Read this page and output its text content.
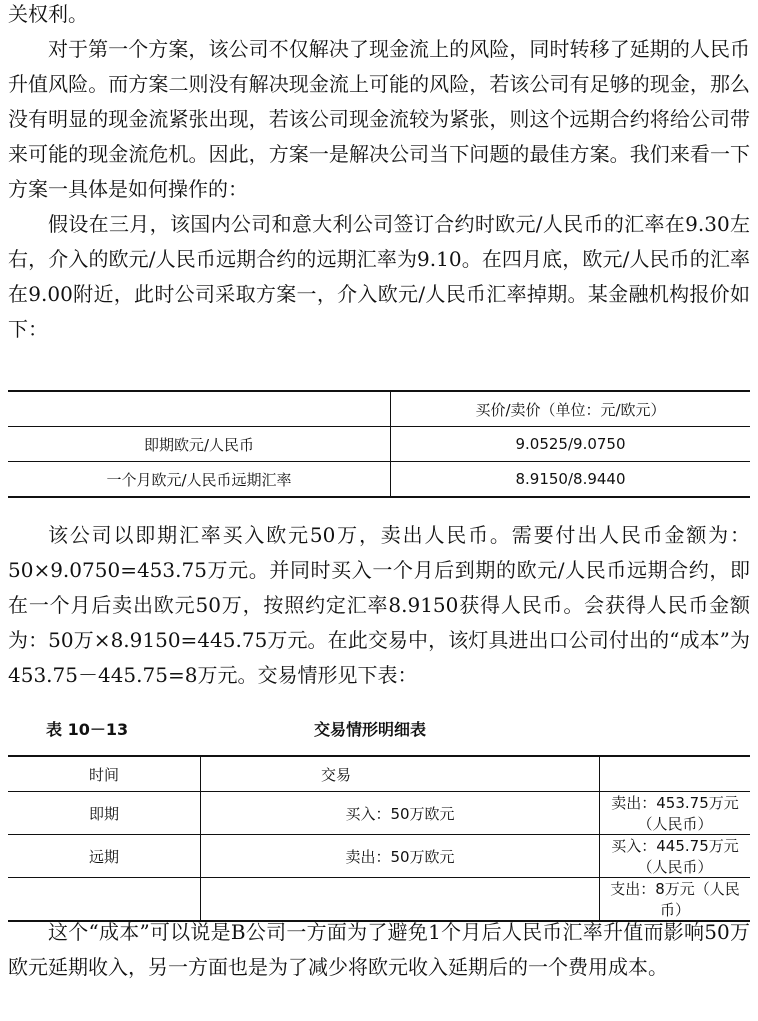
关权利。

对于第一个方案，该公司不仅解决了现金流上的风险，同时转移了延期的人民币升值风险。而方案二则没有解决现金流上可能的风险，若该公司有足够的现金，那么没有明显的现金流紧张出现，若该公司现金流较为紧张，则这个远期合约将给公司带来可能的现金流危机。因此，方案一是解决公司当下问题的最佳方案。我们来看一下方案一具体是如何操作的：

假设在三月，该国内公司和意大利公司签订合约时欧元/人民币的汇率在9.30左右，介入的欧元/人民币远期合约的远期汇率为9.10。在四月底，欧元/人民币的汇率在9.00附近，此时公司采取方案一，介入欧元/人民币汇率掉期。某金融机构报价如下：

	买价/卖价（单位：元/欧元）
即期欧元/人民币	9.0525/9.0750
一个月欧元/人民币远期汇率	8.9150/8.9440

该公司以即期汇率买入欧元50万，卖出人民币。需要付出人民币金额为：50×9.0750=453.75万元。并同时买入一个月后到期的欧元/人民币远期合约，即在一个月后卖出欧元50万，按照约定汇率8.9150获得人民币。会获得人民币金额为：50万×8.9150=445.75万元。在此交易中，该灯具进出口公司付出的“成本”为453.75－445.75=8万元。交易情形见下表：

表 10－13	交易情形明细表
时间	交易	
即期	买入：50万欧元	卖出：453.75万元（人民币）
远期	卖出：50万欧元	买入：445.75万元（人民币）
		支出：8万元（人民币）

这个“成本”可以说是B公司一方面为了避免1个月后人民币汇率升值而影响50万欧元延期收入，另一方面也是为了减少将欧元收入延期后的一个费用成本。
